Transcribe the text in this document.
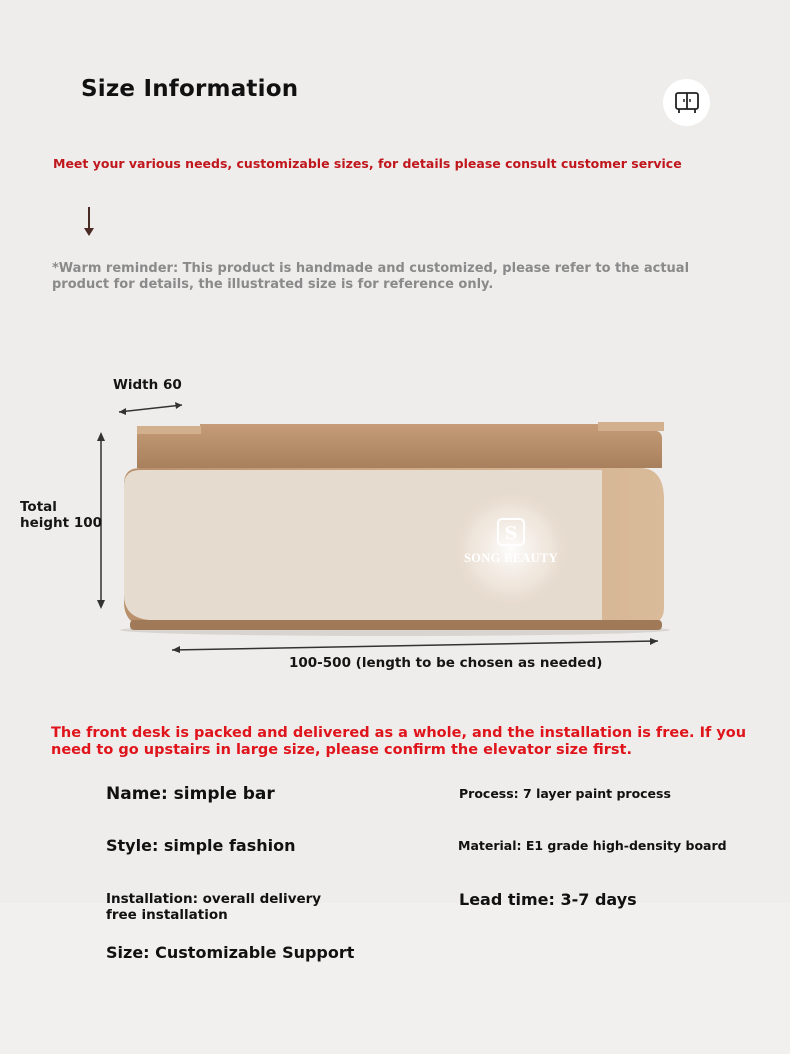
Size Information
Meet your various needs, customizable sizes, for details please consult customer service
*Warm reminder: This product is handmade and customized, please refer to the actual product for details, the illustrated size is for reference only.
S
SONG BEAUTY
Width 60
Total
height 100
100-500 (length to be chosen as needed)
The front desk is packed and delivered as a whole, and the installation is free. If you need to go upstairs in large size, please confirm the elevator size first.
Name: simple bar	Process: 7 layer paint process
Style: simple fashion	Material: E1 grade high-density board
Installation: overall delivery free installation
Lead time: 3-7 days
Size: Customizable Support
